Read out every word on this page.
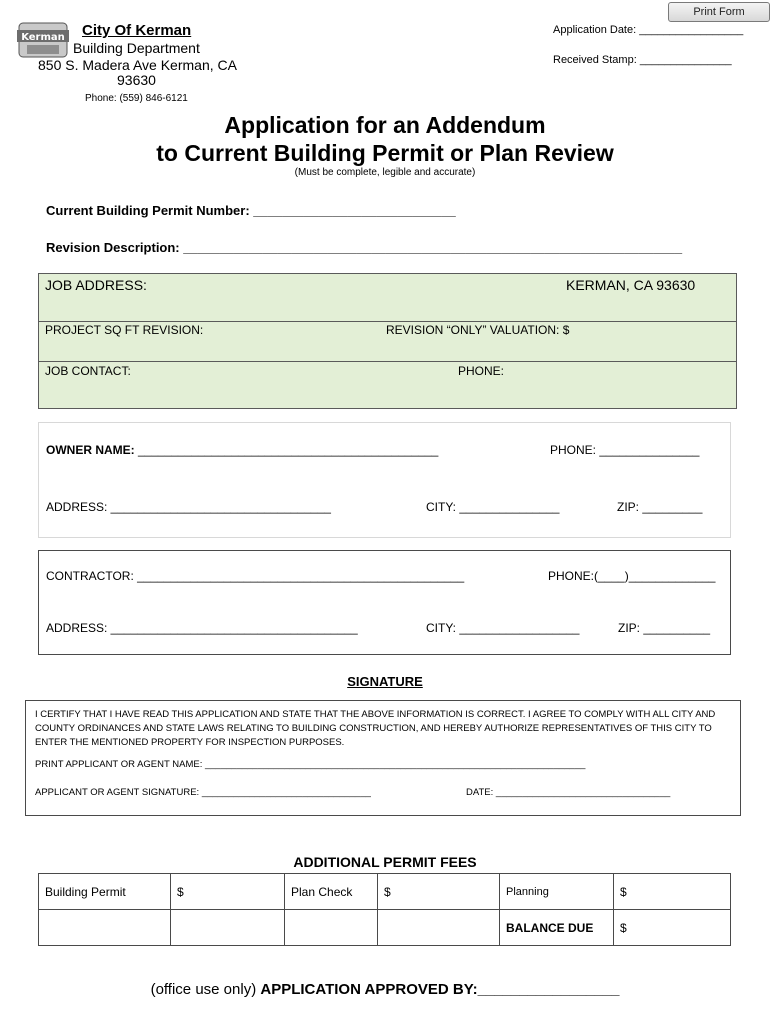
Print Form
Kerman City Of Kerman
Building Department
850 S. Madera Ave Kerman, CA
93630
Phone: (559) 846-6121
Application Date: _________________
Received Stamp: _______________
Application for an Addendum
to Current Building Permit or Plan Review
(Must be complete, legible and accurate)
Current Building Permit Number: ____________________________
Revision Description: _____________________________________________________________________
JOB ADDRESS:	KERMAN, CA 93630
PROJECT SQ FT REVISION:	REVISION “ONLY” VALUATION: $
JOB CONTACT:	PHONE:
OWNER NAME: _____________________________________________	PHONE: _______________
ADDRESS: _________________________________	CITY: _______________	ZIP: _________
CONTRACTOR: _________________________________________________	PHONE:(____)_____________
ADDRESS: _____________________________________	CITY: __________________	ZIP: __________
SIGNATURE
I CERTIFY THAT I HAVE READ THIS APPLICATION AND STATE THAT THE ABOVE INFORMATION IS CORRECT. I AGREE TO COMPLY WITH ALL CITY AND COUNTY ORDINANCES AND STATE LAWS RELATING TO BUILDING CONSTRUCTION, AND HEREBY AUTHORIZE REPRESENTATIVES OF THIS CITY TO ENTER THE MENTIONED PROPERTY FOR INSPECTION PURPOSES.
PRINT APPLICANT OR AGENT NAME: ________________________________________________________________________
APPLICANT OR AGENT SIGNATURE: ________________________________	DATE: _________________________________
ADDITIONAL PERMIT FEES
Building Permit	$	Plan Check	$	Planning	$
				BALANCE DUE	$
(office use only) APPLICATION APPROVED BY:_________________
